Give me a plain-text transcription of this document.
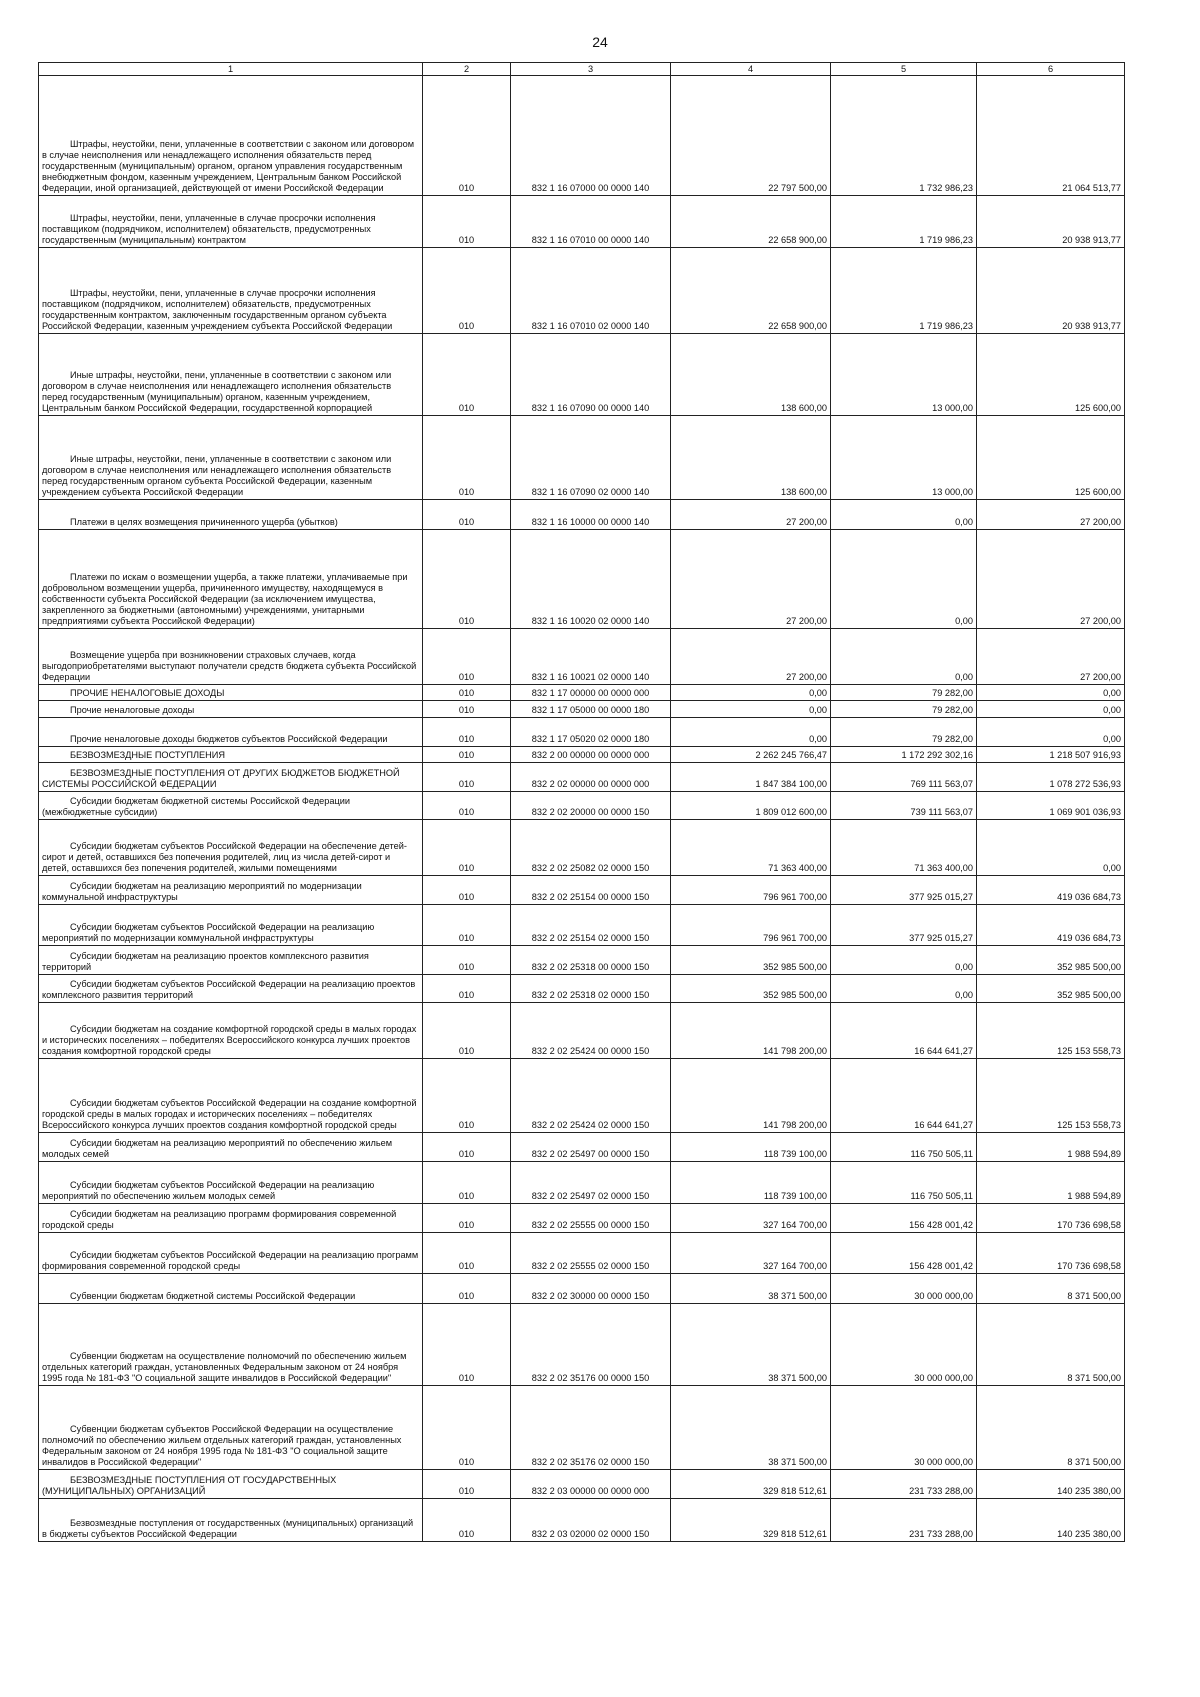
24
1	2	3	4	5	6

Штрафы, неустойки, пени, уплаченные в соответствии с законом или договором в случае неисполнения или ненадлежащего исполнения обязательств перед государственным (муниципальным) органом, органом управления государственным внебюджетным фондом, казенным учреждением, Центральным банком Российской Федерации, иной организацией, действующей от имени Российской Федерации	010	832 1 16 07000 00 0000 140	22 797 500,00	1 732 986,23	21 064 513,77

Штрафы, неустойки, пени, уплаченные в случае просрочки исполнения поставщиком (подрядчиком, исполнителем) обязательств, предусмотренных государственным (муниципальным) контрактом	010	832 1 16 07010 00 0000 140	22 658 900,00	1 719 986,23	20 938 913,77

Штрафы, неустойки, пени, уплаченные в случае просрочки исполнения поставщиком (подрядчиком, исполнителем) обязательств, предусмотренных государственным контрактом, заключенным государственным органом субъекта Российской Федерации, казенным учреждением субъекта Российской Федерации	010	832 1 16 07010 02 0000 140	22 658 900,00	1 719 986,23	20 938 913,77

Иные штрафы, неустойки, пени, уплаченные в соответствии с законом или договором в случае неисполнения или ненадлежащего исполнения обязательств перед государственным (муниципальным) органом, казенным учреждением, Центральным банком Российской Федерации, государственной корпорацией	010	832 1 16 07090 00 0000 140	138 600,00	13 000,00	125 600,00

Иные штрафы, неустойки, пени, уплаченные в соответствии с законом или договором в случае неисполнения или ненадлежащего исполнения обязательств перед государственным органом субъекта Российской Федерации, казенным учреждением субъекта Российской Федерации	010	832 1 16 07090 02 0000 140	138 600,00	13 000,00	125 600,00

Платежи в целях возмещения причиненного ущерба (убытков)	010	832 1 16 10000 00 0000 140	27 200,00	0,00	27 200,00

Платежи по искам о возмещении ущерба, а также платежи, уплачиваемые при добровольном возмещении ущерба, причиненного имуществу, находящемуся в собственности субъекта Российской Федерации (за исключением имущества, закрепленного за бюджетными (автономными) учреждениями, унитарными предприятиями субъекта Российской Федерации)	010	832 1 16 10020 02 0000 140	27 200,00	0,00	27 200,00

Возмещение ущерба при возникновении страховых случаев, когда выгодоприобретателями выступают получатели средств бюджета субъекта Российской Федерации	010	832 1 16 10021 02 0000 140	27 200,00	0,00	27 200,00

ПРОЧИЕ НЕНАЛОГОВЫЕ ДОХОДЫ	010	832 1 17 00000 00 0000 000	0,00	79 282,00	0,00

Прочие неналоговые доходы	010	832 1 17 05000 00 0000 180	0,00	79 282,00	0,00

Прочие неналоговые доходы бюджетов субъектов Российской Федерации	010	832 1 17 05020 02 0000 180	0,00	79 282,00	0,00

БЕЗВОЗМЕЗДНЫЕ ПОСТУПЛЕНИЯ	010	832 2 00 00000 00 0000 000	2 262 245 766,47	1 172 292 302,16	1 218 507 916,93

БЕЗВОЗМЕЗДНЫЕ ПОСТУПЛЕНИЯ ОТ ДРУГИХ БЮДЖЕТОВ БЮДЖЕТНОЙ СИСТЕМЫ РОССИЙСКОЙ ФЕДЕРАЦИИ	010	832 2 02 00000 00 0000 000	1 847 384 100,00	769 111 563,07	1 078 272 536,93

Субсидии бюджетам бюджетной системы Российской Федерации (межбюджетные субсидии)	010	832 2 02 20000 00 0000 150	1 809 012 600,00	739 111 563,07	1 069 901 036,93

Субсидии бюджетам субъектов Российской Федерации на обеспечение детей-сирот и детей, оставшихся без попечения родителей, лиц из числа детей-сирот и детей, оставшихся без попечения родителей, жилыми помещениями	010	832 2 02 25082 02 0000 150	71 363 400,00	71 363 400,00	0,00

Субсидии бюджетам на реализацию мероприятий по модернизации коммунальной инфраструктуры	010	832 2 02 25154 00 0000 150	796 961 700,00	377 925 015,27	419 036 684,73

Субсидии бюджетам субъектов Российской Федерации на реализацию мероприятий по модернизации коммунальной инфраструктуры	010	832 2 02 25154 02 0000 150	796 961 700,00	377 925 015,27	419 036 684,73

Субсидии бюджетам на реализацию проектов комплексного развития территорий	010	832 2 02 25318 00 0000 150	352 985 500,00	0,00	352 985 500,00

Субсидии бюджетам субъектов Российской Федерации на реализацию проектов комплексного развития территорий	010	832 2 02 25318 02 0000 150	352 985 500,00	0,00	352 985 500,00

Субсидии бюджетам на создание комфортной городской среды в малых городах и исторических поселениях – победителях Всероссийского конкурса лучших проектов создания комфортной городской среды	010	832 2 02 25424 00 0000 150	141 798 200,00	16 644 641,27	125 153 558,73

Субсидии бюджетам субъектов Российской Федерации на создание комфортной городской среды в малых городах и исторических поселениях – победителях Всероссийского конкурса лучших проектов создания комфортной городской среды	010	832 2 02 25424 02 0000 150	141 798 200,00	16 644 641,27	125 153 558,73

Субсидии бюджетам на реализацию мероприятий по обеспечению жильем молодых семей	010	832 2 02 25497 00 0000 150	118 739 100,00	116 750 505,11	1 988 594,89

Субсидии бюджетам субъектов Российской Федерации на реализацию мероприятий по обеспечению жильем молодых семей	010	832 2 02 25497 02 0000 150	118 739 100,00	116 750 505,11	1 988 594,89

Субсидии бюджетам на реализацию программ формирования современной городской среды	010	832 2 02 25555 00 0000 150	327 164 700,00	156 428 001,42	170 736 698,58

Субсидии бюджетам субъектов Российской Федерации на реализацию программ формирования современной городской среды	010	832 2 02 25555 02 0000 150	327 164 700,00	156 428 001,42	170 736 698,58

Субвенции бюджетам бюджетной системы Российской Федерации	010	832 2 02 30000 00 0000 150	38 371 500,00	30 000 000,00	8 371 500,00

Субвенции бюджетам на осуществление полномочий по обеспечению жильем отдельных категорий граждан, установленных Федеральным законом от 24 ноября 1995 года № 181-ФЗ "О социальной защите инвалидов в Российской Федерации"	010	832 2 02 35176 00 0000 150	38 371 500,00	30 000 000,00	8 371 500,00

Субвенции бюджетам субъектов Российской Федерации на осуществление полномочий по обеспечению жильем отдельных категорий граждан, установленных Федеральным законом от 24 ноября 1995 года № 181-ФЗ "О социальной защите инвалидов в Российской Федерации"	010	832 2 02 35176 02 0000 150	38 371 500,00	30 000 000,00	8 371 500,00

БЕЗВОЗМЕЗДНЫЕ ПОСТУПЛЕНИЯ ОТ ГОСУДАРСТВЕННЫХ (МУНИЦИПАЛЬНЫХ) ОРГАНИЗАЦИЙ	010	832 2 03 00000 00 0000 000	329 818 512,61	231 733 288,00	140 235 380,00

Безвозмездные поступления от государственных (муниципальных) организаций в бюджеты субъектов Российской Федерации	010	832 2 03 02000 02 0000 150	329 818 512,61	231 733 288,00	140 235 380,00
